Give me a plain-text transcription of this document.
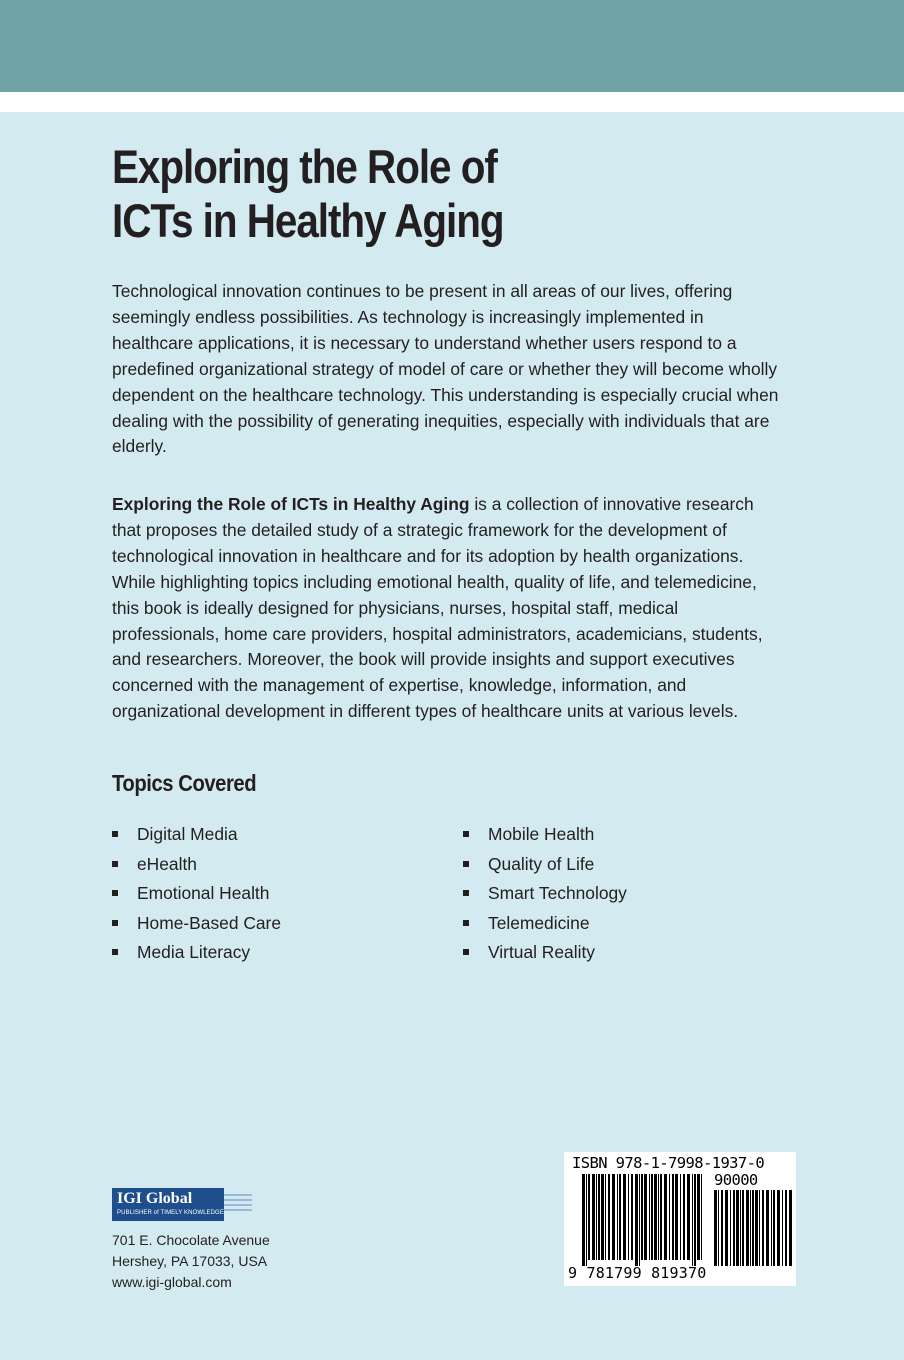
Exploring the Role of
ICTs in Healthy Aging

Technological innovation continues to be present in all areas of our lives, offering seemingly endless possibilities. As technology is increasingly implemented in healthcare applications, it is necessary to understand whether users respond to a predefined organizational strategy of model of care or whether they will become wholly dependent on the healthcare technology. This understanding is especially crucial when dealing with the possibility of generating inequities, especially with individuals that are elderly.

Exploring the Role of ICTs in Healthy Aging is a collection of innovative research that proposes the detailed study of a strategic framework for the development of technological innovation in healthcare and for its adoption by health organizations. While highlighting topics including emotional health, quality of life, and telemedicine, this book is ideally designed for physicians, nurses, hospital staff, medical professionals, home care providers, hospital administrators, academicians, students, and researchers. Moreover, the book will provide insights and support executives concerned with the management of expertise, knowledge, information, and organizational development in different types of healthcare units at various levels.

Topics Covered
Digital Media
eHealth
Emotional Health
Home-Based Care
Media Literacy
Mobile Health
Quality of Life
Smart Technology
Telemedicine
Virtual Reality
IGI Global
PUBLISHER of TIMELY KNOWLEDGE
701 E. Chocolate Avenue
Hershey, PA 17033, USA
www.igi-global.com
ISBN 978-1-7998-1937-0
90000
9 781799 819370
